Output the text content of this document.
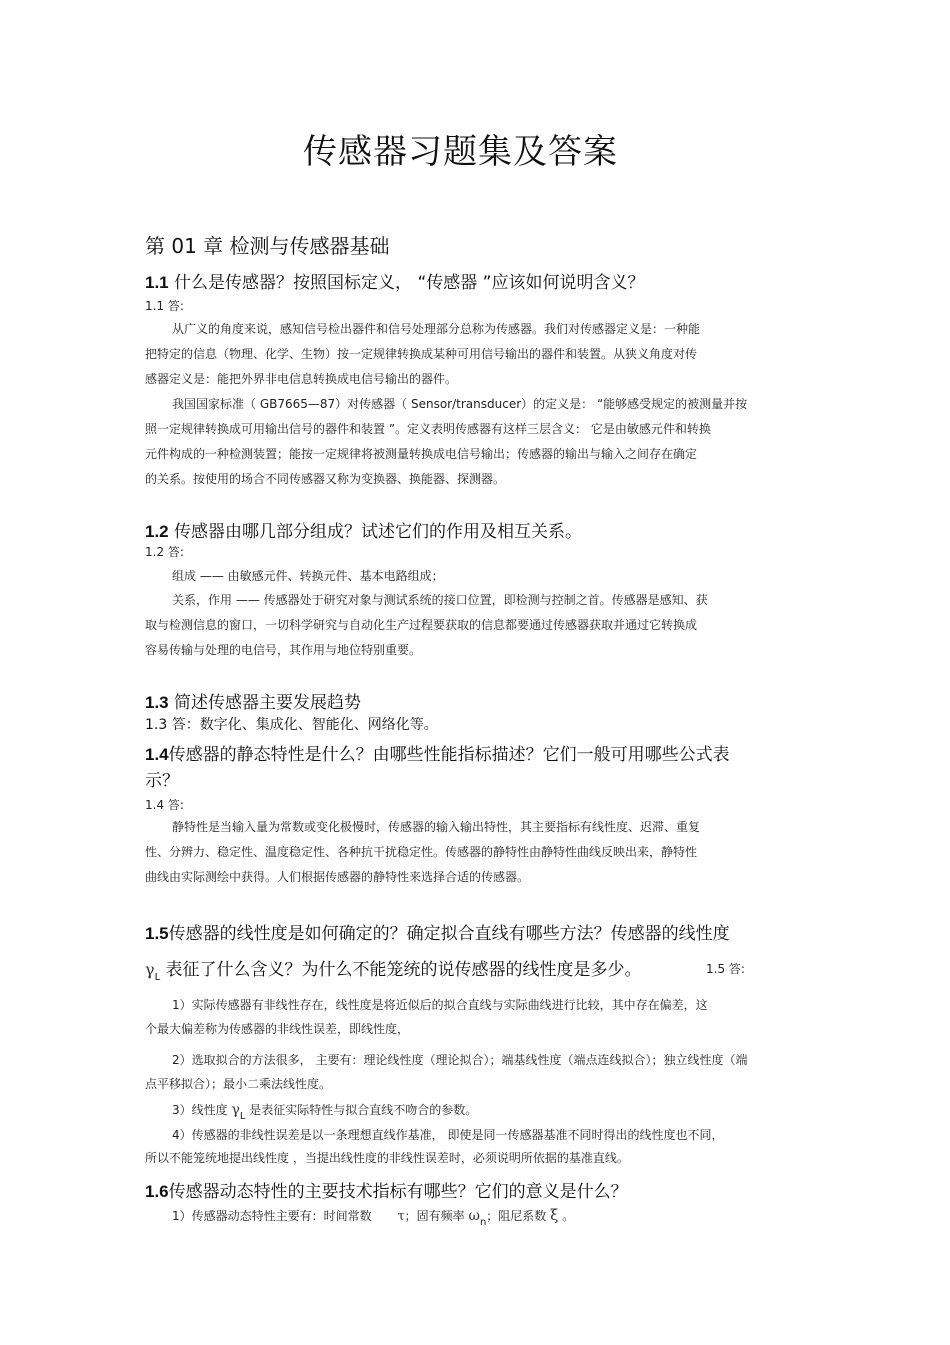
传感器习题集及答案
第 01 章 检测与传感器基础
1.1 什么是传感器？按照国标定义， “传感器 ”应该如何说明含义？
1.1 答:
从广义的角度来说，感知信号检出器件和信号处理部分总称为传感器。我们对传感器定义是：一种能
把特定的信息（物理、化学、生物）按一定规律转换成某种可用信号输出的器件和装置。从狭义角度对传
感器定义是：能把外界非电信息转换成电信号输出的器件。
我国国家标准（ GB7665—87）对传感器（ Sensor/transducer）的定义是： “能够感受规定的被测量并按
照一定规律转换成可用输出信号的器件和装置 ”。定义表明传感器有这样三层含义： 它是由敏感元件和转换
元件构成的一种检测装置；能按一定规律将被测量转换成电信号输出；传感器的输出与输入之间存在确定
的关系。按使用的场合不同传感器又称为变换器、换能器、探测器。
1.2 传感器由哪几部分组成？试述它们的作用及相互关系。
1.2 答:
组成 —— 由敏感元件、转换元件、基本电路组成；
关系，作用 —— 传感器处于研究对象与测试系统的接口位置，即检测与控制之首。传感器是感知、获
取与检测信息的窗口，一切科学研究与自动化生产过程要获取的信息都要通过传感器获取并通过它转换成
容易传输与处理的电信号，其作用与地位特别重要。
1.3 简述传感器主要发展趋势
1.3 答：数字化、集成化、智能化、网络化等。
1.4传感器的静态特性是什么？由哪些性能指标描述？它们一般可用哪些公式表
示？
1.4 答:
静特性是当输入量为常数或变化极慢时，传感器的输入输出特性，其主要指标有线性度、迟滞、重复
性、分辨力、稳定性、温度稳定性、各种抗干扰稳定性。传感器的静特性由静特性曲线反映出来，静特性
曲线由实际测绘中获得。人们根据传感器的静特性来选择合适的传感器。
1.5传感器的线性度是如何确定的？确定拟合直线有哪些方法？传感器的线性度
$\gamma_L$ 表征了什么含义？为什么不能笼统的说传感器的线性度是多少。	1.5 答:
1）实际传感器有非线性存在，线性度是将近似后的拟合直线与实际曲线进行比较，其中存在偏差，这
个最大偏差称为传感器的非线性误差，即线性度，
2）选取拟合的方法很多， 主要有：理论线性度（理论拟合）；端基线性度（端点连线拟合）；独立线性度（端
点平移拟合）；最小二乘法线性度。
3）线性度 $\gamma_L$ 是表征实际特性与拟合直线不吻合的参数。
4）传感器的非线性误差是以一条理想直线作基准， 即使是同一传感器基准不同时得出的线性度也不同，
所以不能笼统地提出线性度 ，当提出线性度的非线性误差时，必须说明所依据的基准直线。
1.6传感器动态特性的主要技术指标有哪些？它们的意义是什么？
1）传感器动态特性主要有：时间常数 τ；固有频率 $\omega_n$；阻尼系数 ξ 。
